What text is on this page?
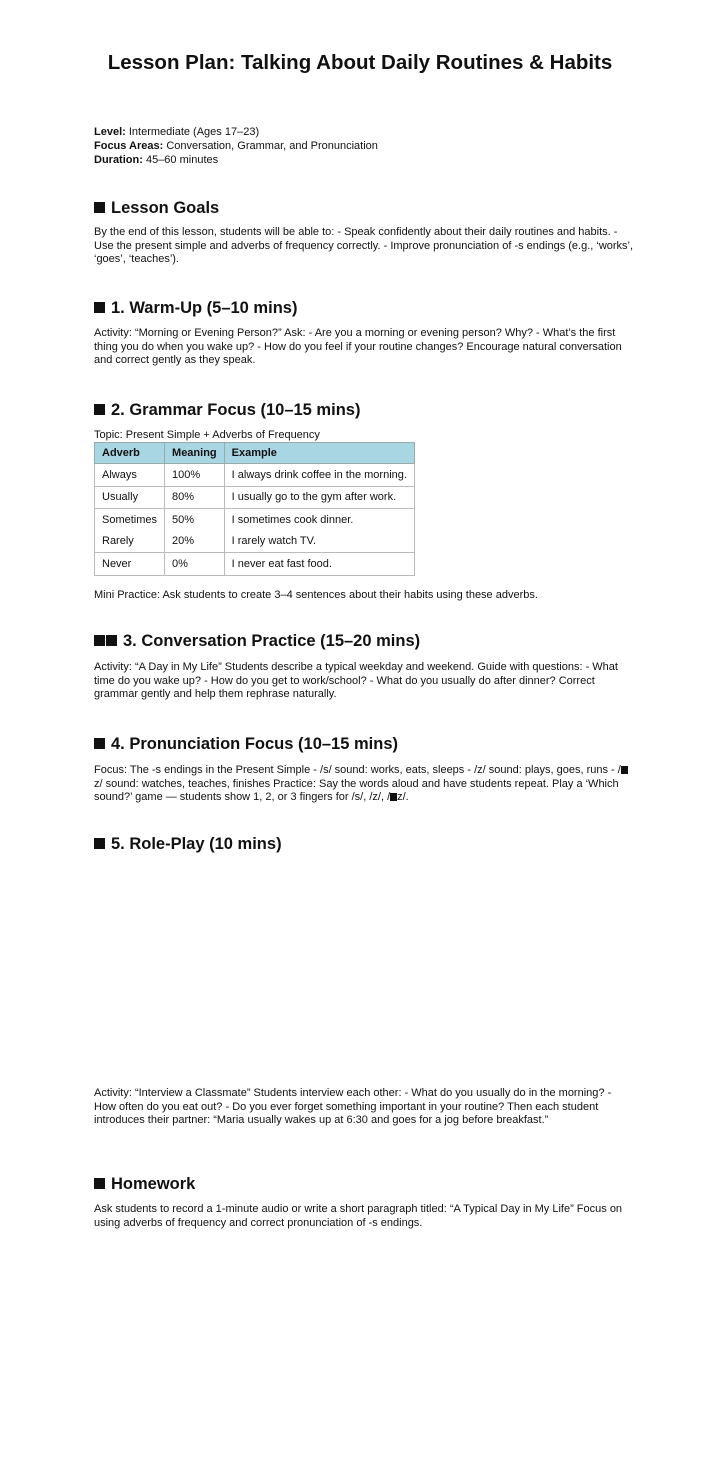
Lesson Plan: Talking About Daily Routines & Habits
Level: Intermediate (Ages 17–23)
Focus Areas: Conversation, Grammar, and Pronunciation
Duration: 45–60 minutes
Lesson Goals
By the end of this lesson, students will be able to: - Speak confidently about their daily routines and habits. - Use the present simple and adverbs of frequency correctly. - Improve pronunciation of -s endings (e.g., ‘works’, ‘goes’, ‘teaches’).
1. Warm-Up (5–10 mins)
Activity: “Morning or Evening Person?” Ask: - Are you a morning or evening person? Why? - What’s the first thing you do when you wake up? - How do you feel if your routine changes? Encourage natural conversation and correct gently as they speak.
2. Grammar Focus (10–15 mins)
Topic: Present Simple + Adverbs of Frequency
Adverb	Meaning	Example
Always	100%	I always drink coffee in the morning.
Usually	80%	I usually go to the gym after work.
Sometimes	50%	I sometimes cook dinner.
Rarely	20%	I rarely watch TV.
Never	0%	I never eat fast food.
Mini Practice: Ask students to create 3–4 sentences about their habits using these adverbs.
3. Conversation Practice (15–20 mins)
Activity: “A Day in My Life” Students describe a typical weekday and weekend. Guide with questions: - What time do you wake up? - How do you get to work/school? - What do you usually do after dinner? Correct grammar gently and help them rephrase naturally.
4. Pronunciation Focus (10–15 mins)
Focus: The -s endings in the Present Simple - /s/ sound: works, eats, sleeps - /z/ sound: plays, goes, runs - /z/ sound: watches, teaches, finishes Practice: Say the words aloud and have students repeat. Play a ‘Which sound?’ game — students show 1, 2, or 3 fingers for /s/, /z/, / z/.
5. Role-Play (10 mins)
Activity: “Interview a Classmate” Students interview each other: - What do you usually do in the morning? - How often do you eat out? - Do you ever forget something important in your routine? Then each student introduces their partner: “Maria usually wakes up at 6:30 and goes for a jog before breakfast.”
Homework
Ask students to record a 1-minute audio or write a short paragraph titled: “A Typical Day in My Life” Focus on using adverbs of frequency and correct pronunciation of -s endings.
